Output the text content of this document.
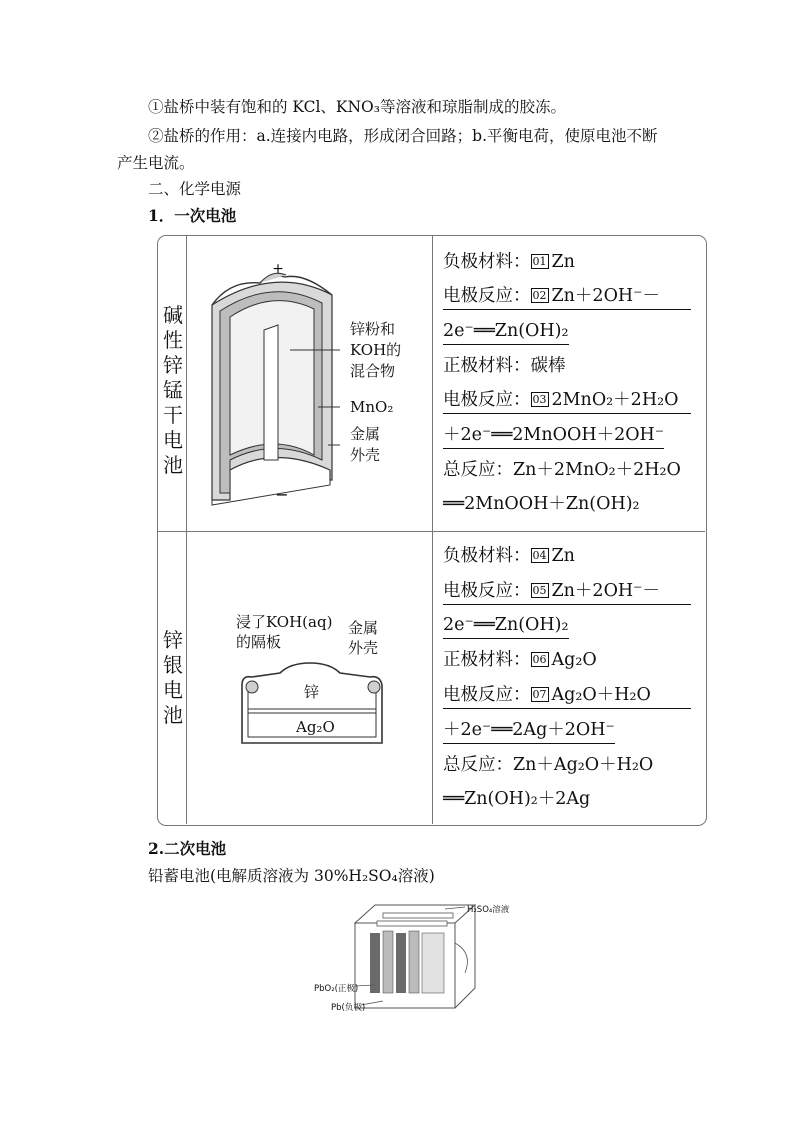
①盐桥中装有饱和的 KCl、KNO₃等溶液和琼脂制成的胶冻。
②盐桥的作用：a.连接内电路，形成闭合回路；b.平衡电荷，使原电池不断
产生电流。
二、化学电源
1．一次电池
碱
性
锌
锰
干
电
池
+
−
锌粉和
KOH的
混合物
MnO₂
金属
外壳
负极材料： 01 Zn
电极反应： 02 Zn＋2OH⁻－
2e⁻══Zn(OH)₂
正极材料：碳棒
电极反应： 03 2MnO₂＋2H₂O
＋2e⁻══2MnOOH＋2OH⁻
总反应：Zn＋2MnO₂＋2H₂O
══2MnOOH＋Zn(OH)₂
锌
银
电
池
浸了KOH(aq)
的隔板
金属
外壳
锌
Ag₂O
负极材料： 04 Zn
电极反应： 05 Zn＋2OH⁻－
2e⁻══Zn(OH)₂
正极材料： 06 Ag₂O
电极反应： 07 Ag₂O＋H₂O
＋2e⁻══2Ag＋2OH⁻
总反应：Zn＋Ag₂O＋H₂O
══Zn(OH)₂＋2Ag
2.二次电池
铅蓄电池(电解质溶液为 30%H₂SO₄溶液)
H₂SO₄溶液
PbO₂(正极)
Pb(负极)
